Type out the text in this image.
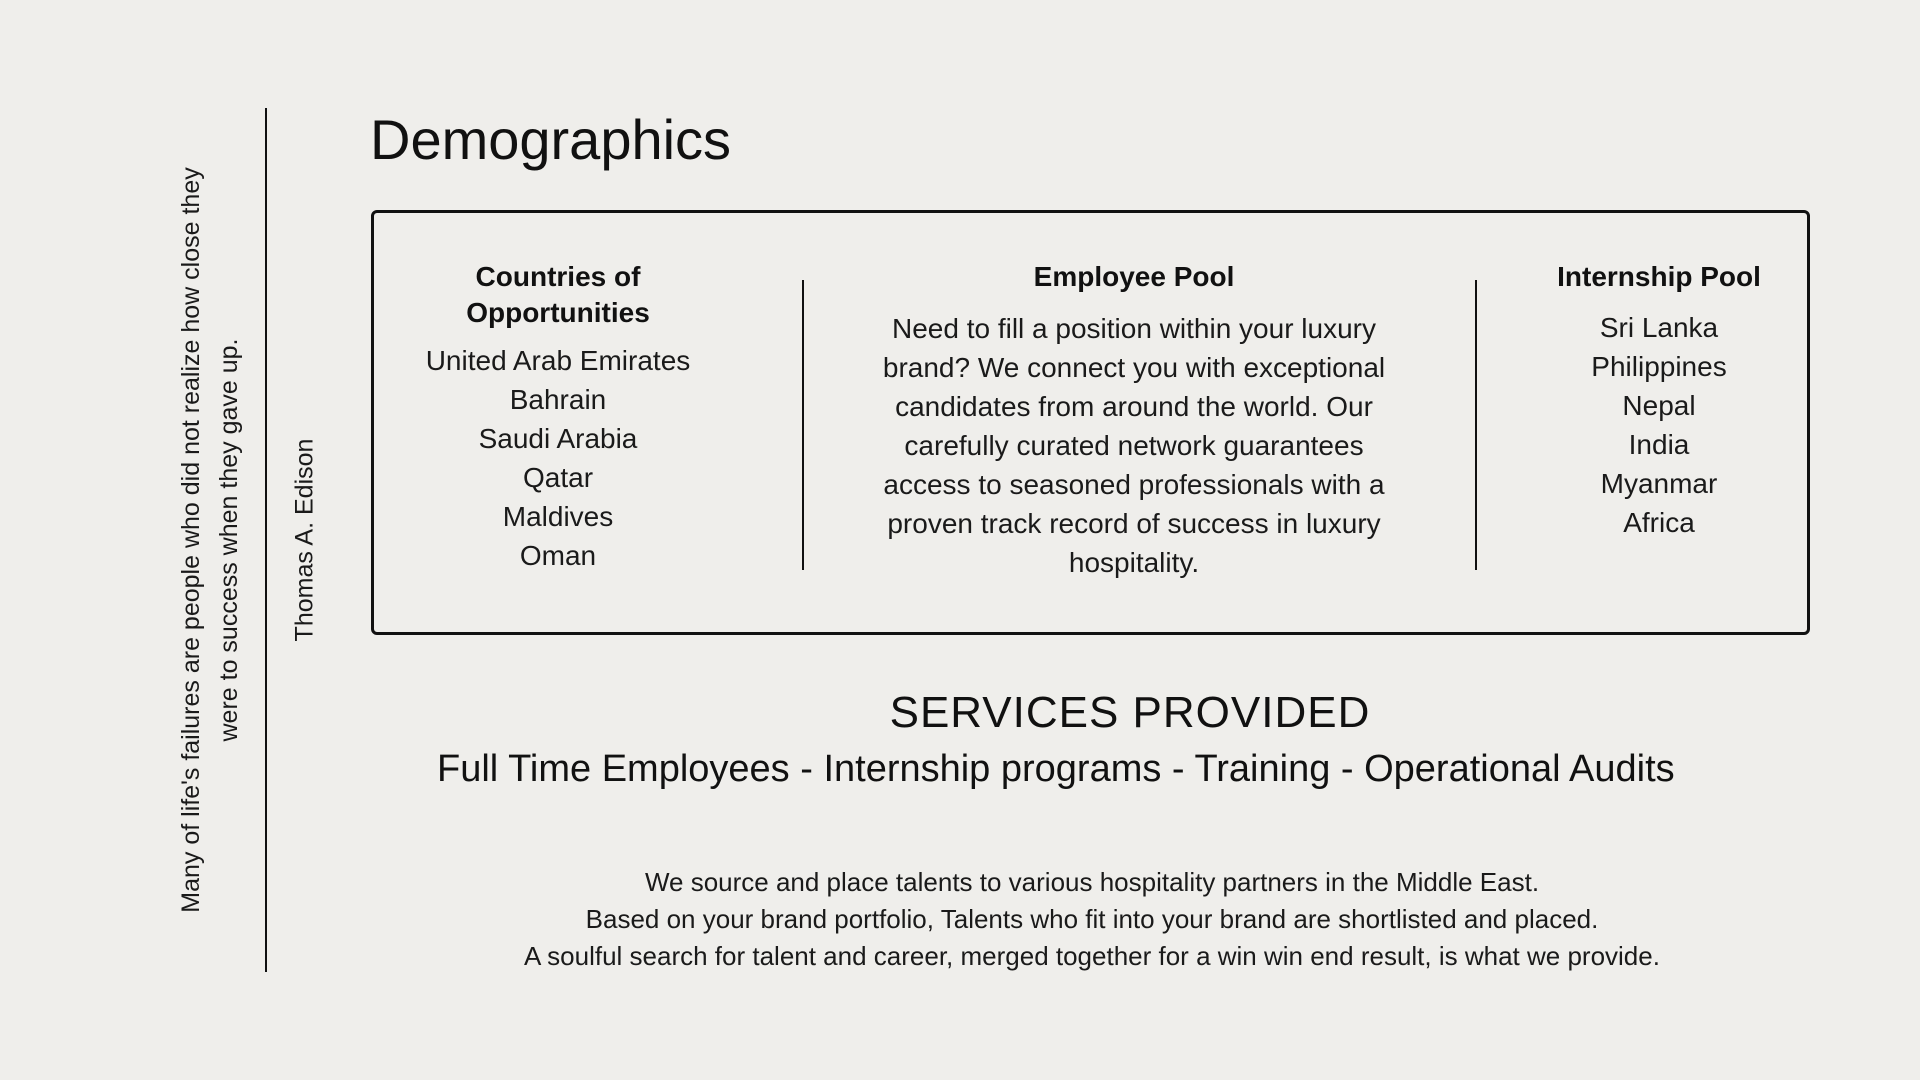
Many of life's failures are people who did not realize how close they were to success when they gave up. Thomas A. Edison
Demographics
Countries of Opportunities
United Arab Emirates
Bahrain
Saudi Arabia
Qatar
Maldives
Oman
Employee Pool
Need to fill a position within your luxury
brand? We connect you with exceptional
candidates from around the world. Our
carefully curated network guarantees
access to seasoned professionals with a
proven track record of success in luxury
hospitality.
Internship Pool
Sri Lanka
Philippines
Nepal
India
Myanmar
Africa
SERVICES PROVIDED
Full Time Employees - Internship programs - Training - Operational Audits

We source and place talents to various hospitality partners in the Middle East.

Based on your brand portfolio, Talents who fit into your brand are shortlisted and placed.

A soulful search for talent and career, merged together for a win win end result, is what we provide.
